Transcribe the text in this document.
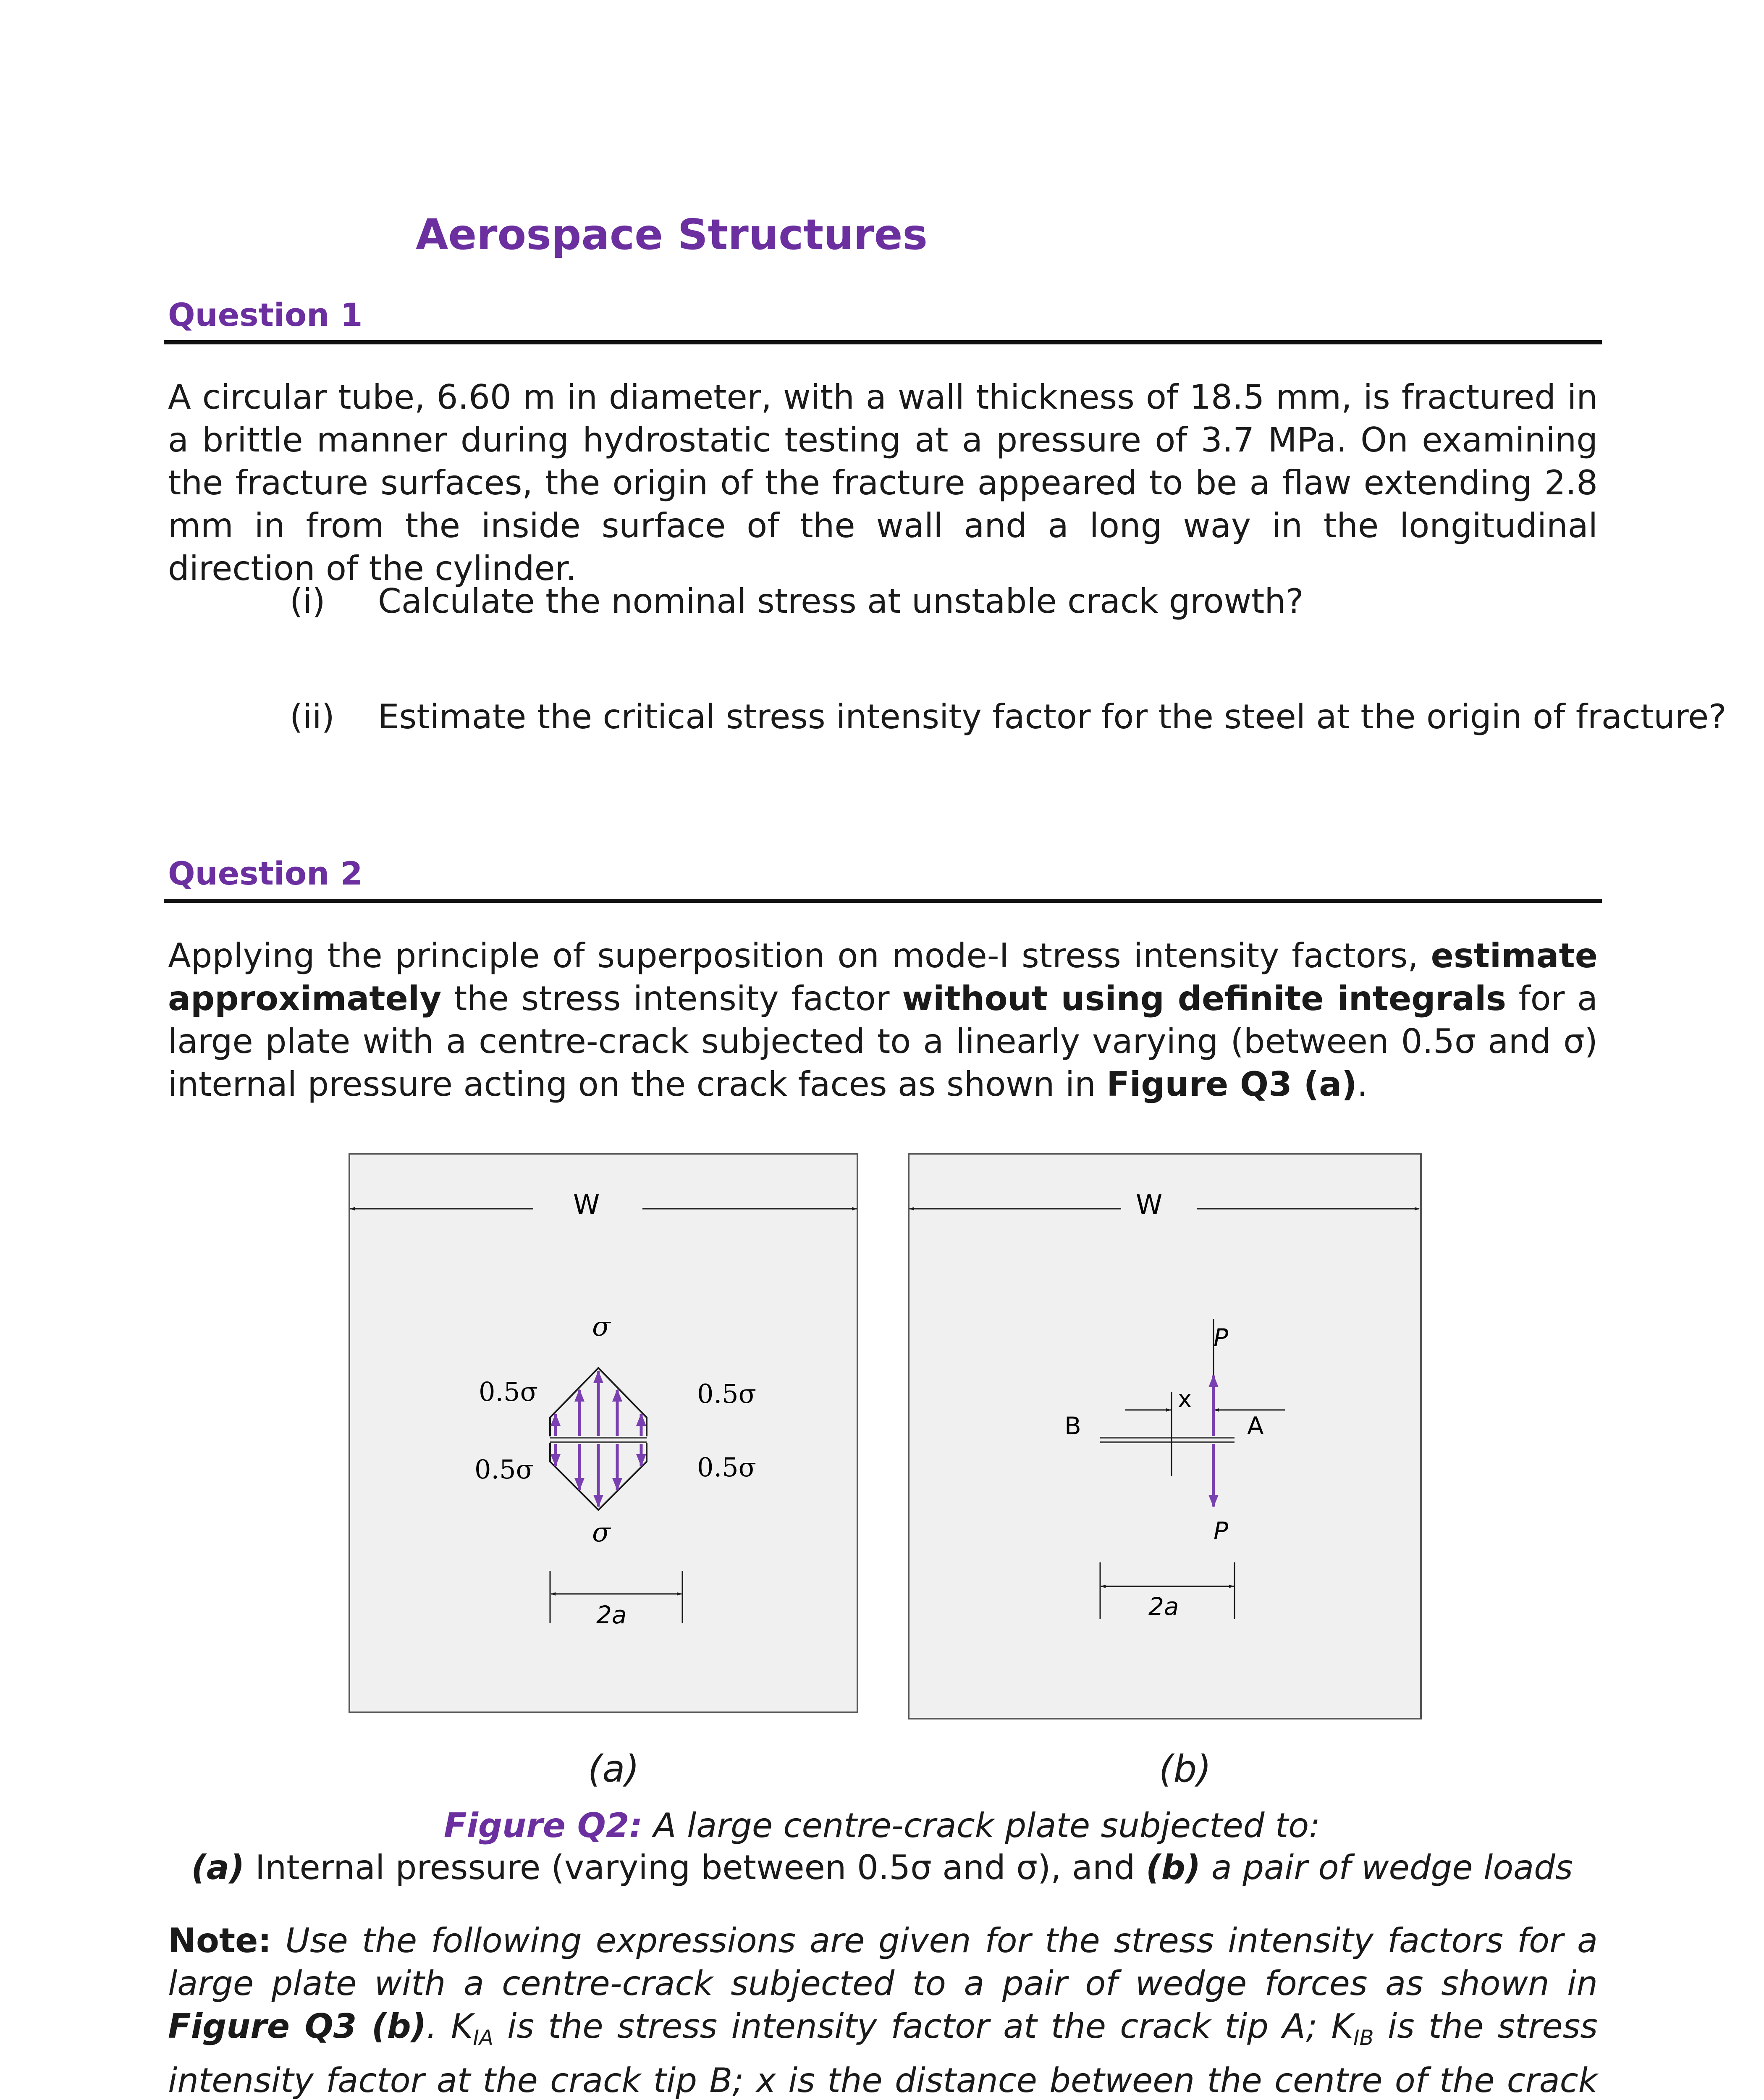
Aerospace Structures
Question 1
A circular tube, 6.60 m in diameter, with a wall thickness of 18.5 mm, is fractured in a brittle manner during hydrostatic testing at a pressure of 3.7 MPa. On examining the fracture surfaces, the origin of the fracture appeared to be a flaw extending 2.8 mm in from the inside surface of the wall and a long way in the longitudinal direction of the cylinder.
(i) Calculate the nominal stress at unstable crack growth?
(ii) Estimate the critical stress intensity factor for the steel at the origin of fracture?
Question 2
Applying the principle of superposition on mode-I stress intensity factors, estimate approximately the stress intensity factor without using definite integrals for a large plate with a centre-crack subjected to a linearly varying (between 0.5σ and σ) internal pressure acting on the crack faces as shown in Figure Q3 (a).
W
σ
σ
0.5σ
0.5σ
0.5σ
0.5σ
2a
W
x
P
P
B	A
2a
(a)	(b)
Figure Q2: A large centre-crack plate subjected to:
(a) Internal pressure (varying between 0.5σ and σ), and (b) a pair of wedge loads
Note: Use the following expressions are given for the stress intensity factors for a large plate with a centre-crack subjected to a pair of wedge forces as shown in Figure Q3 (b). $K_{IA}$ is the stress intensity factor at the crack tip A; $K_{IB}$ is the stress intensity factor at the crack tip B; x is the distance between the centre of the crack
